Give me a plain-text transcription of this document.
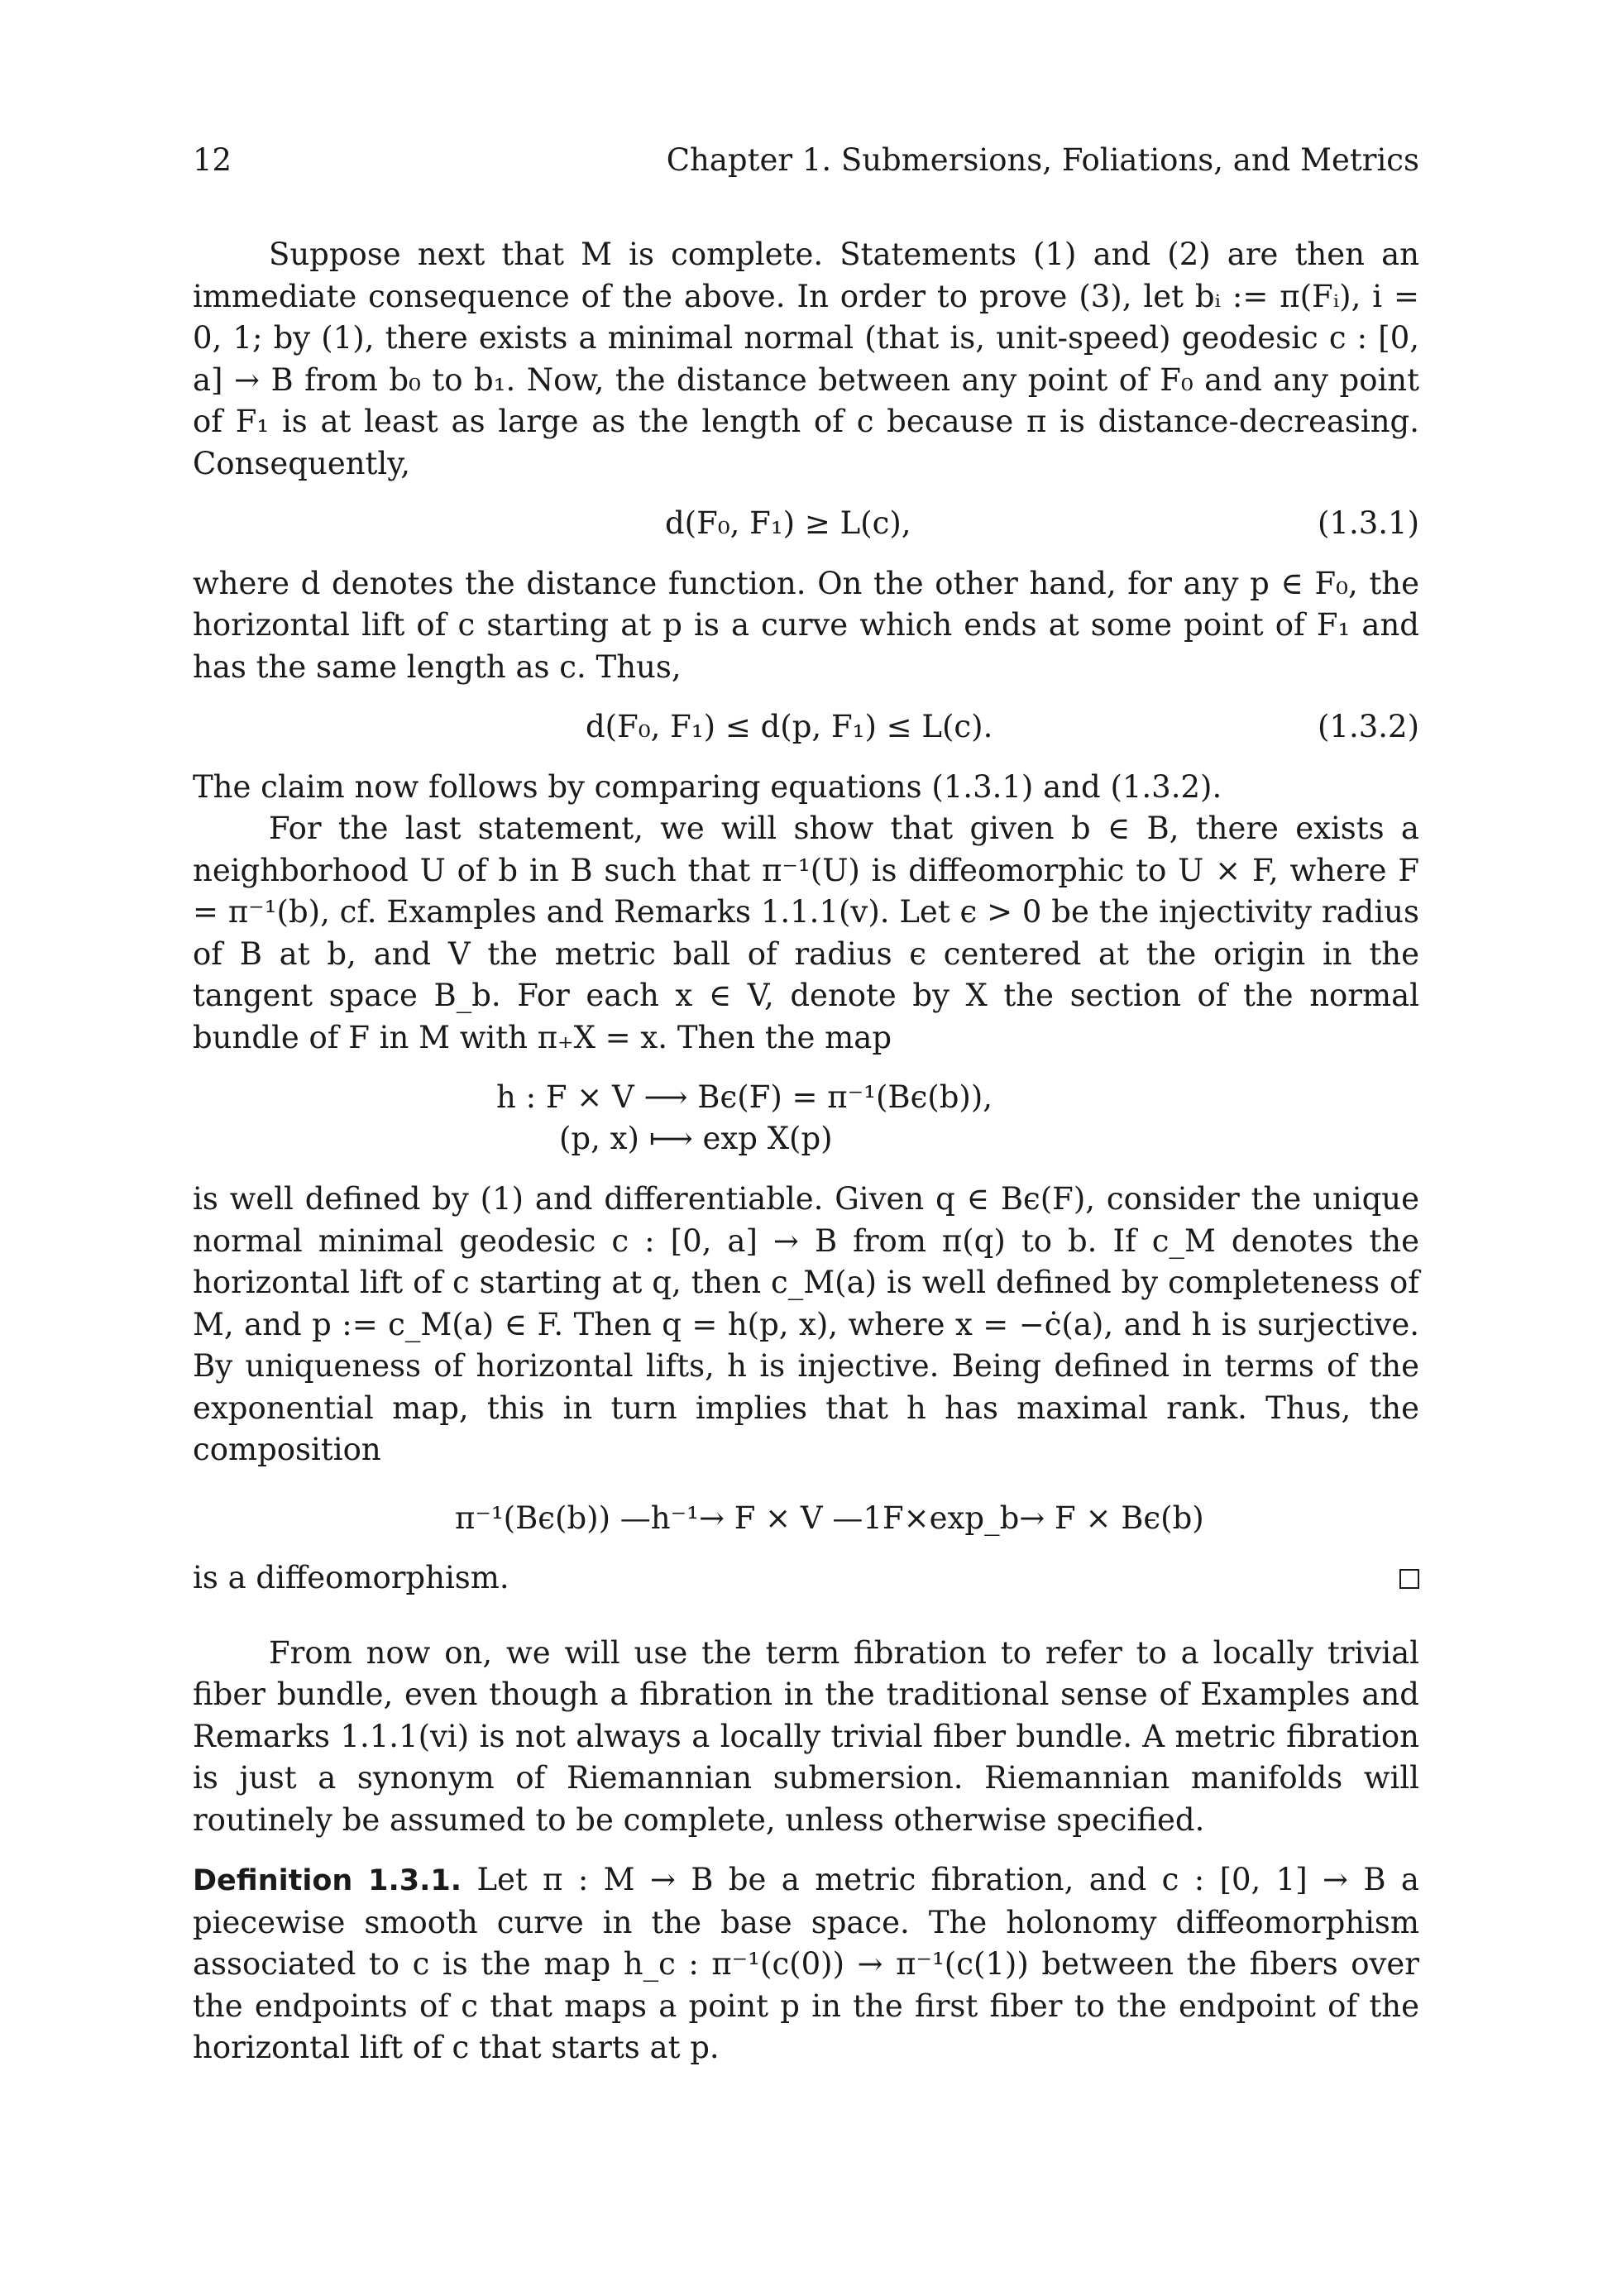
12	Chapter 1. Submersions, Foliations, and Metrics

Suppose next that M is complete. Statements (1) and (2) are then an immediate consequence of the above. In order to prove (3), let bᵢ := π(Fᵢ), i = 0, 1; by (1), there exists a minimal normal (that is, unit-speed) geodesic c : [0, a] → B from b₀ to b₁. Now, the distance between any point of F₀ and any point of F₁ is at least as large as the length of c because π is distance-decreasing. Consequently,

d(F₀, F₁) ≥ L(c),	(1.3.1)

where d denotes the distance function. On the other hand, for any p ∈ F₀, the horizontal lift of c starting at p is a curve which ends at some point of F₁ and has the same length as c. Thus,

d(F₀, F₁) ≤ d(p, F₁) ≤ L(c).	(1.3.2)

The claim now follows by comparing equations (1.3.1) and (1.3.2).

For the last statement, we will show that given b ∈ B, there exists a neighborhood U of b in B such that π⁻¹(U) is diffeomorphic to U × F, where F = π⁻¹(b), cf. Examples and Remarks 1.1.1(v). Let ϵ > 0 be the injectivity radius of B at b, and V the metric ball of radius ϵ centered at the origin in the tangent space B_b. For each x ∈ V, denote by X the section of the normal bundle of F in M with π₊X = x. Then the map

h : F × V ⟶ Bϵ(F) = π⁻¹(Bϵ(b)),
(p, x) ⟼ exp X(p)

is well defined by (1) and differentiable. Given q ∈ Bϵ(F), consider the unique normal minimal geodesic c : [0, a] → B from π(q) to b. If c_M denotes the horizontal lift of c starting at q, then c_M(a) is well defined by completeness of M, and p := c_M(a) ∈ F. Then q = h(p, x), where x = −ċ(a), and h is surjective. By uniqueness of horizontal lifts, h is injective. Being defined in terms of the exponential map, this in turn implies that h has maximal rank. Thus, the composition

π⁻¹(Bϵ(b)) —h⁻¹→ F × V —1F×exp_b→ F × Bϵ(b)

is a diffeomorphism.

From now on, we will use the term fibration to refer to a locally trivial fiber bundle, even though a fibration in the traditional sense of Examples and Remarks 1.1.1(vi) is not always a locally trivial fiber bundle. A metric fibration is just a synonym of Riemannian submersion. Riemannian manifolds will routinely be assumed to be complete, unless otherwise specified.

Definition 1.3.1. Let π : M → B be a metric fibration, and c : [0, 1] → B a piecewise smooth curve in the base space. The holonomy diffeomorphism associated to c is the map h_c : π⁻¹(c(0)) → π⁻¹(c(1)) between the fibers over the endpoints of c that maps a point p in the first fiber to the endpoint of the horizontal lift of c that starts at p.
